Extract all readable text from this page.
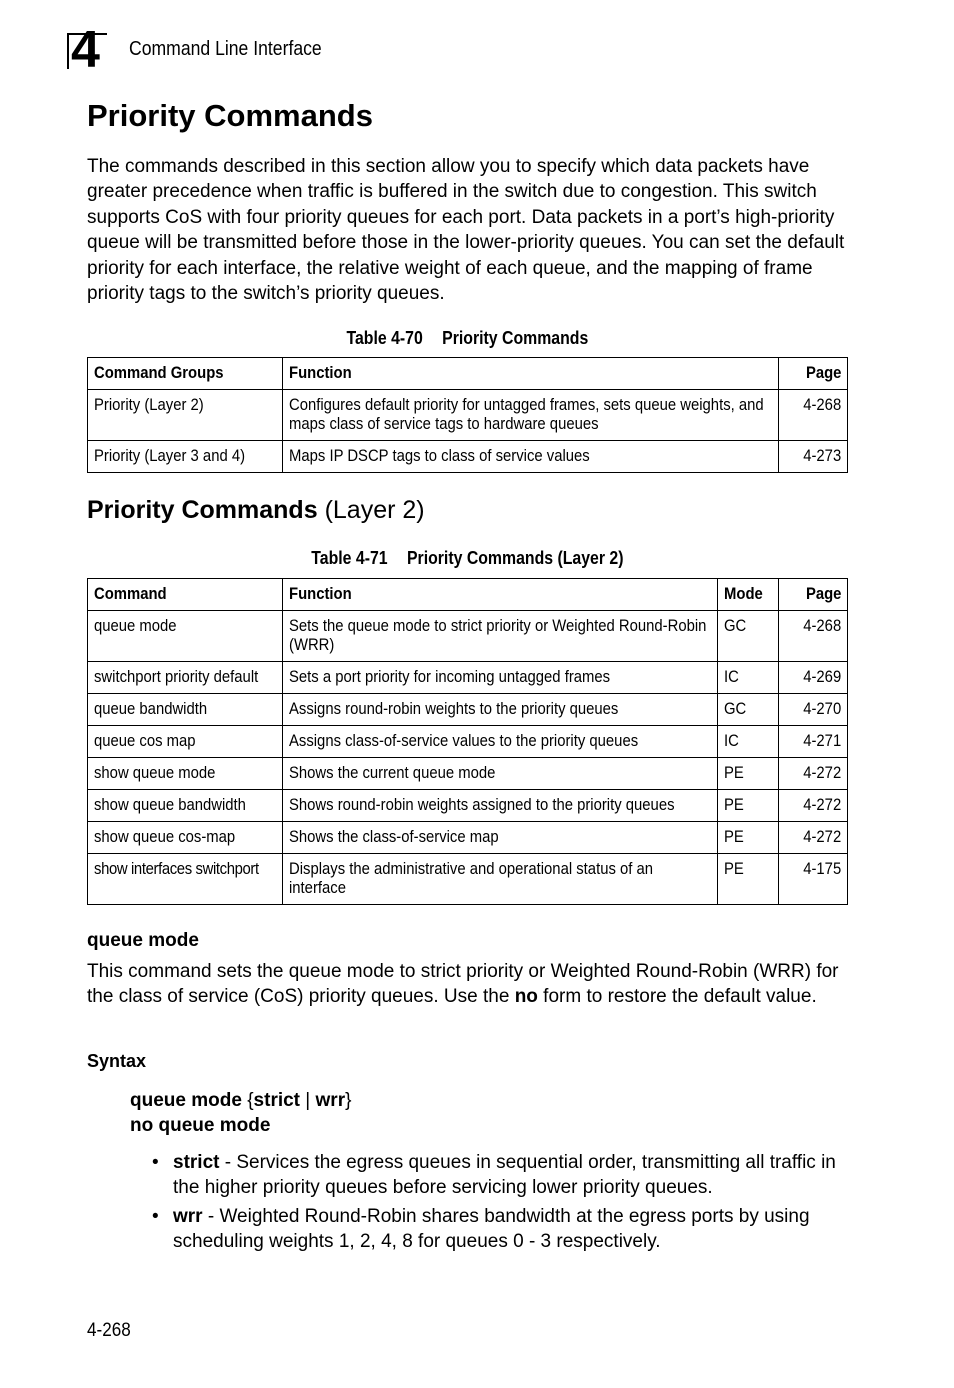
4 Command Line Interface
Priority Commands

The commands described in this section allow you to specify which data packets have greater precedence when traffic is buffered in the switch due to congestion. This switch supports CoS with four priority queues for each port. Data packets in a port’s high-priority queue will be transmitted before those in the lower-priority queues. You can set the default priority for each interface, the relative weight of each queue, and the mapping of frame priority tags to the switch’s priority queues.

Table 4-70 Priority Commands
Command Groups	Function	Page
Priority (Layer 2)	Configures default priority for untagged frames, sets queue weights, and maps class of service tags to hardware queues	4-268
Priority (Layer 3 and 4)	Maps IP DSCP tags to class of service values	4-273
Priority Commands (Layer 2)
Table 4-71 Priority Commands (Layer 2)
Command	Function	Mode	Page
queue mode	Sets the queue mode to strict priority or Weighted Round-Robin (WRR)	GC	4-268
switchport priority default	Sets a port priority for incoming untagged frames	IC	4-269
queue bandwidth	Assigns round-robin weights to the priority queues	GC	4-270
queue cos map	Assigns class-of-service values to the priority queues	IC	4-271
show queue mode	Shows the current queue mode	PE	4-272
show queue bandwidth	Shows round-robin weights assigned to the priority queues	PE	4-272
show queue cos-map	Shows the class-of-service map	PE	4-272
show interfaces switchport	Displays the administrative and operational status of an interface	PE	4-175
queue mode

This command sets the queue mode to strict priority or Weighted Round-Robin (WRR) for the class of service (CoS) priority queues. Use the no form to restore the default value.

Syntax
queue mode {strict | wrr}
no queue mode
• strict - Services the egress queues in sequential order, transmitting all traffic in the higher priority queues before servicing lower priority queues.
• wrr - Weighted Round-Robin shares bandwidth at the egress ports by using scheduling weights 1, 2, 4, 8 for queues 0 - 3 respectively.
4-268
